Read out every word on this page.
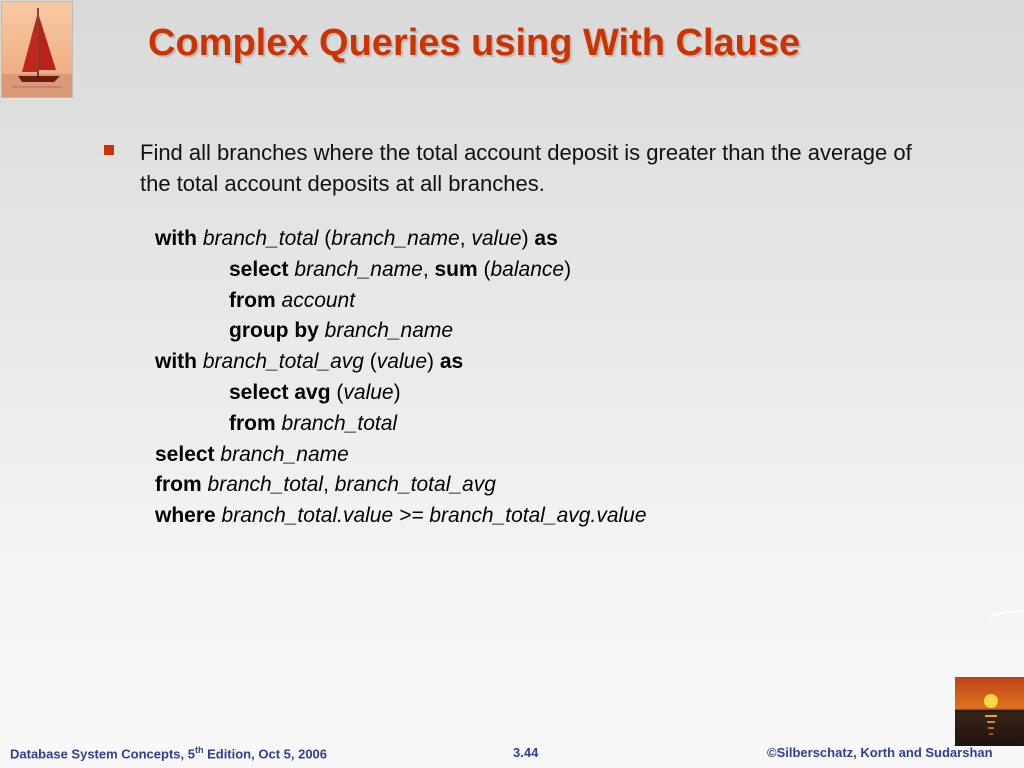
Complex Queries using With Clause
Find all branches where the total account deposit is greater than the average of the total account deposits at all branches.
with branch_total (branch_name, value) as
select branch_name, sum (balance)
from account
group by branch_name
with branch_total_avg (value) as
select avg (value)
from branch_total
select branch_name
from branch_total, branch_total_avg
where branch_total.value >= branch_total_avg.value
Database System Concepts, 5th Edition, Oct 5, 2006	3.44	©Silberschatz, Korth and Sudarshan
